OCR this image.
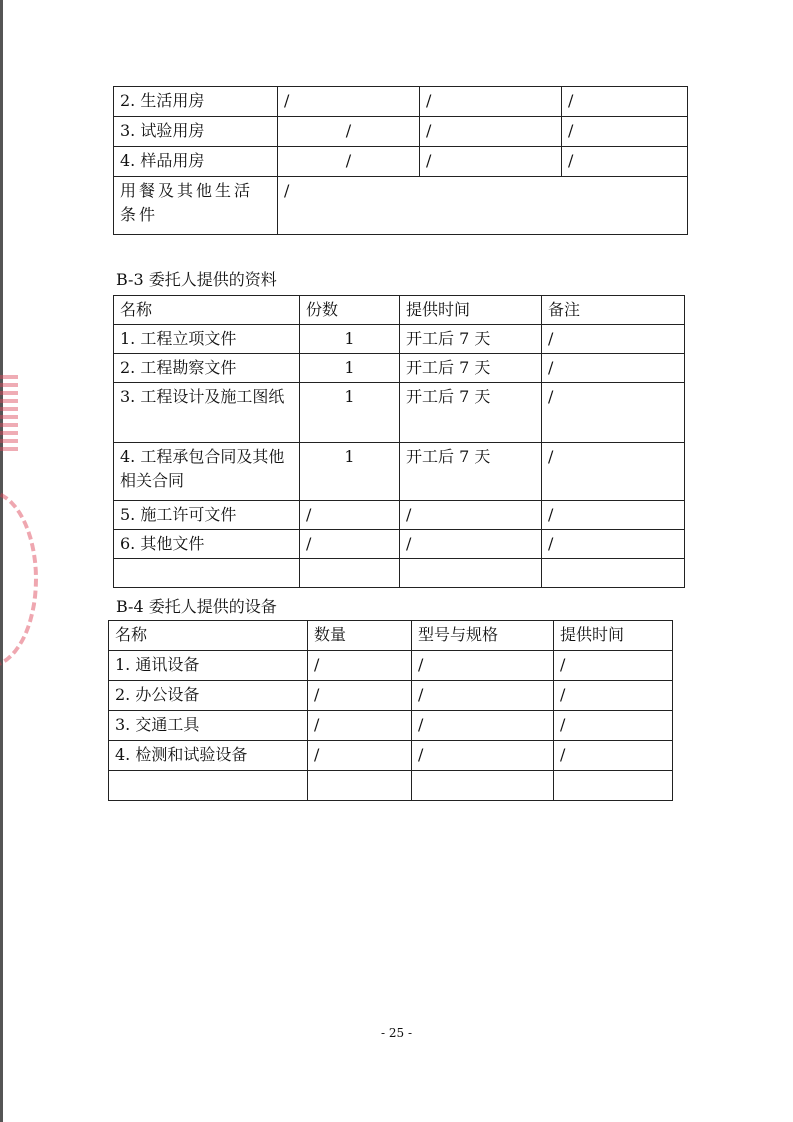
2. 生活用房	/	/	/
3. 试验用房	/	/	/
4. 样品用房	/	/	/
用餐及其他生活条件	/		
B-3 委托人提供的资料
名称	份数	提供时间	备注
1. 工程立项文件	1	开工后 7 天	/
2. 工程勘察文件	1	开工后 7 天	/
3. 工程设计及施工图纸	1	开工后 7 天	/
4. 工程承包合同及其他相关合同	1	开工后 7 天	/
5. 施工许可文件	/	/	/
6. 其他文件	/	/	/

B-4 委托人提供的设备
名称	数量	型号与规格	提供时间
1. 通讯设备	/	/	/
2. 办公设备	/	/	/
3. 交通工具	/	/	/
4. 检测和试验设备	/	/	/

- 25 -
